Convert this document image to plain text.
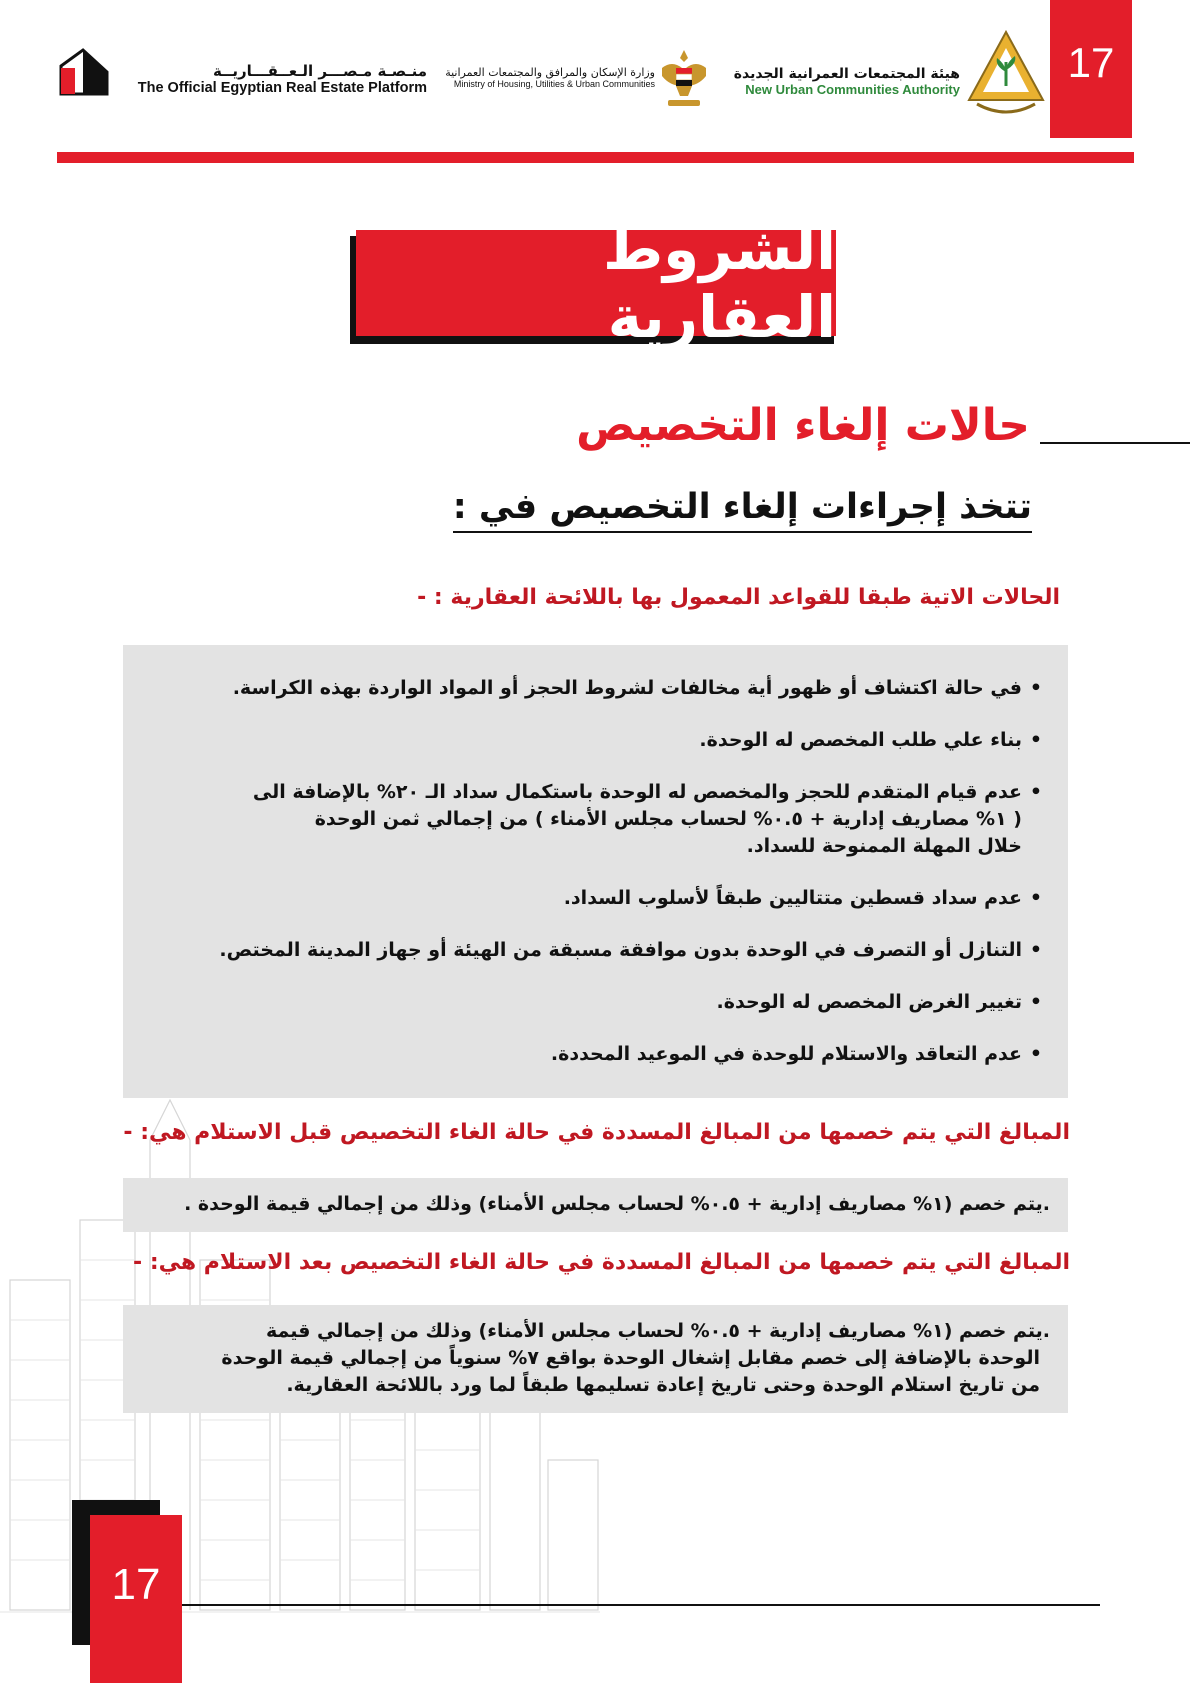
17
منـصـة مـصـــر الـعــقـــاريــة
The Official Egyptian Real Estate Platform
وزارة الإسكان والمرافق والمجتمعات العمرانية
Ministry of Housing, Utilities & Urban Communities
هيئة المجتمعات العمرانية الجديدة
New Urban Communities Authority
الشروط العقارية
حالات إلغاء التخصيص
تتخذ إجراءات إلغاء التخصيص في :
الحالات الاتية طبقا للقواعد المعمول بها باللائحة العقارية : -
•في حالة اكتشاف أو ظهور أية مخالفات لشروط الحجز أو المواد الواردة بهذه الكراسة.
•بناء علي طلب المخصص له الوحدة.
•عدم قيام المتقدم للحجز والمخصص له الوحدة باستكمال سداد الـ ٢٠% بالإضافة الى
( ١% مصاريف إدارية + ٠.٥% لحساب مجلس الأمناء ) من إجمالي ثمن الوحدة
خلال المهلة الممنوحة للسداد.
•عدم سداد قسطين متتاليين طبقاً لأسلوب السداد.
•التنازل أو التصرف في الوحدة بدون موافقة مسبقة من الهيئة أو جهاز المدينة المختص.
•تغيير الغرض المخصص له الوحدة.
•عدم التعاقد والاستلام للوحدة في الموعيد المحددة.
المبالغ التي يتم خصمها من المبالغ المسددة في حالة الغاء التخصيص قبل الاستلام هي: -
.يتم خصم (١% مصاريف إدارية + ٠.٥% لحساب مجلس الأمناء) وذلك من إجمالي قيمة الوحدة .
المبالغ التي يتم خصمها من المبالغ المسددة في حالة الغاء التخصيص بعد الاستلام هي: -
.يتم خصم (١% مصاريف إدارية + ٠.٥% لحساب مجلس الأمناء) وذلك من إجمالي قيمة
الوحدة بالإضافة إلى خصم مقابل إشغال الوحدة بواقع ٧% سنوياً من إجمالي قيمة الوحدة
من تاريخ استلام الوحدة وحتى تاريخ إعادة تسليمها طبقاً لما ورد باللائحة العقارية.
17
